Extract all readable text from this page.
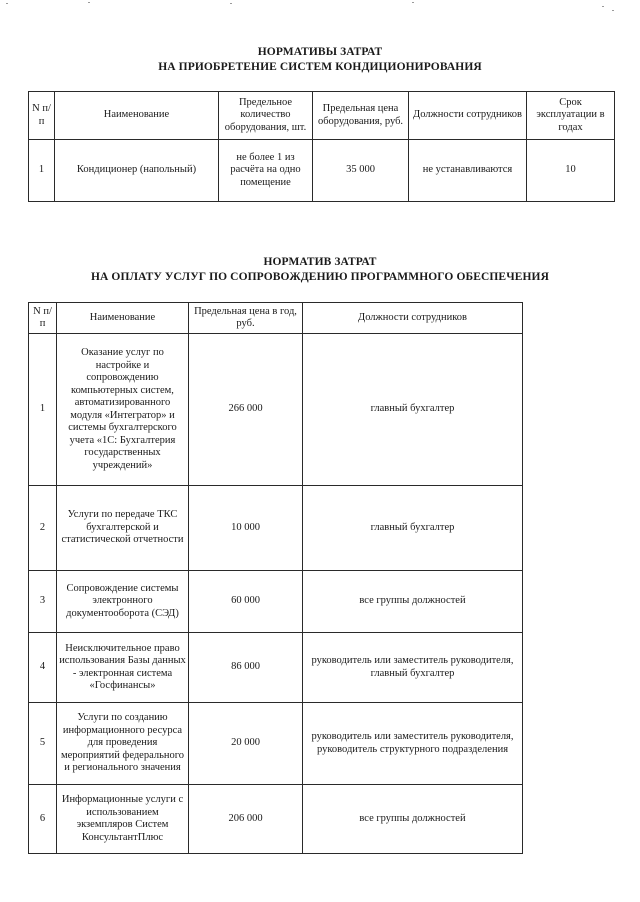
НОРМАТИВЫ ЗАТРАТ
НА ПРИОБРЕТЕНИЕ СИСТЕМ КОНДИЦИОНИРОВАНИЯ
N п/п	Наименование	Предельное количество оборудования, шт.	Предельная цена оборудования, руб.	Должности сотрудников	Срок эксплуатации в годах
1	Кондиционер (напольный)	не более 1 из расчёта на одно помещение	35 000	не устанавливаются	10
НОРМАТИВ ЗАТРАТ
НА ОПЛАТУ УСЛУГ ПО СОПРОВОЖДЕНИЮ ПРОГРАММНОГО ОБЕСПЕЧЕНИЯ
N п/п	Наименование	Предельная цена в год, руб.	Должности сотрудников
1	Оказание услуг по настройке и сопровождению компьютерных систем, автоматизированного модуля «Интегратор» и системы бухгалтерского учета «1С: Бухгалтерия государственных учреждений»	266 000	главный бухгалтер
2	Услуги по передаче ТКС бухгалтерской и статистической отчетности	10 000	главный бухгалтер
3	Сопровождение системы электронного документооборота (СЭД)	60 000	все группы должностей
4	Неисключительное право использования Базы данных - электронная система «Госфинансы»	86 000	руководитель или заместитель руководителя, главный бухгалтер
5	Услуги по созданию информационного ресурса для проведения мероприятий федерального и регионального значения	20 000	руководитель или заместитель руководителя, руководитель структурного подразделения
6	Информационные услуги с использованием экземпляров Систем КонсультантПлюс	206 000	все группы должностей
